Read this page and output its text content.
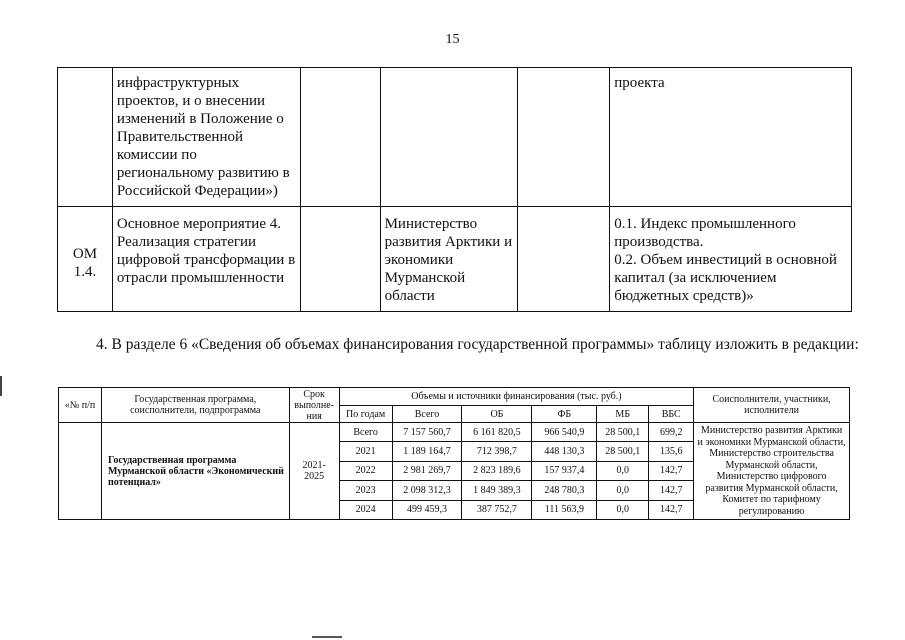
15
	инфраструктурных проектов, и о внесении изменений в Положение о Правительственной комиссии по региональному развитию в Российской Федерации»)				проекта
ОМ 1.4.	Основное мероприятие 4. Реализация стратегии цифровой трансформации в отрасли промышленности		Министерство развития Арктики и экономики Мурманской области		0.1. Индекс промышленного производства.
0.2. Объем инвестиций в основной капитал (за исключением бюджетных средств)»
4. В разделе 6 «Сведения об объемах финансирования государственной программы» таблицу изложить в редакции:
«№ п/п	Государственная программа, соисполнители, подпрограмма	Срок выполне-ния	Объемы и источники финансирования (тыс. руб.)						Соисполнители, участники, исполнители
			По годам	Всего	ОБ	ФБ	МБ	ВБС	
	Государственная программа Мурманской области «Экономический потенциал»	2021-2025	Всего	7 157 560,7	6 161 820,5	966 540,9	28 500,1	699,2	Министерство развития Арктики и экономики Мурманской области, Министерство строительства Мурманской области, Министерство цифрового развития Мурманской области, Комитет по тарифному регулированию
			2021	1 189 164,7	712 398,7	448 130,3	28 500,1	135,6	
			2022	2 981 269,7	2 823 189,6	157 937,4	0,0	142,7	
			2023	2 098 312,3	1 849 389,3	248 780,3	0,0	142,7	
			2024	499 459,3	387 752,7	111 563,9	0,0	142,7	
